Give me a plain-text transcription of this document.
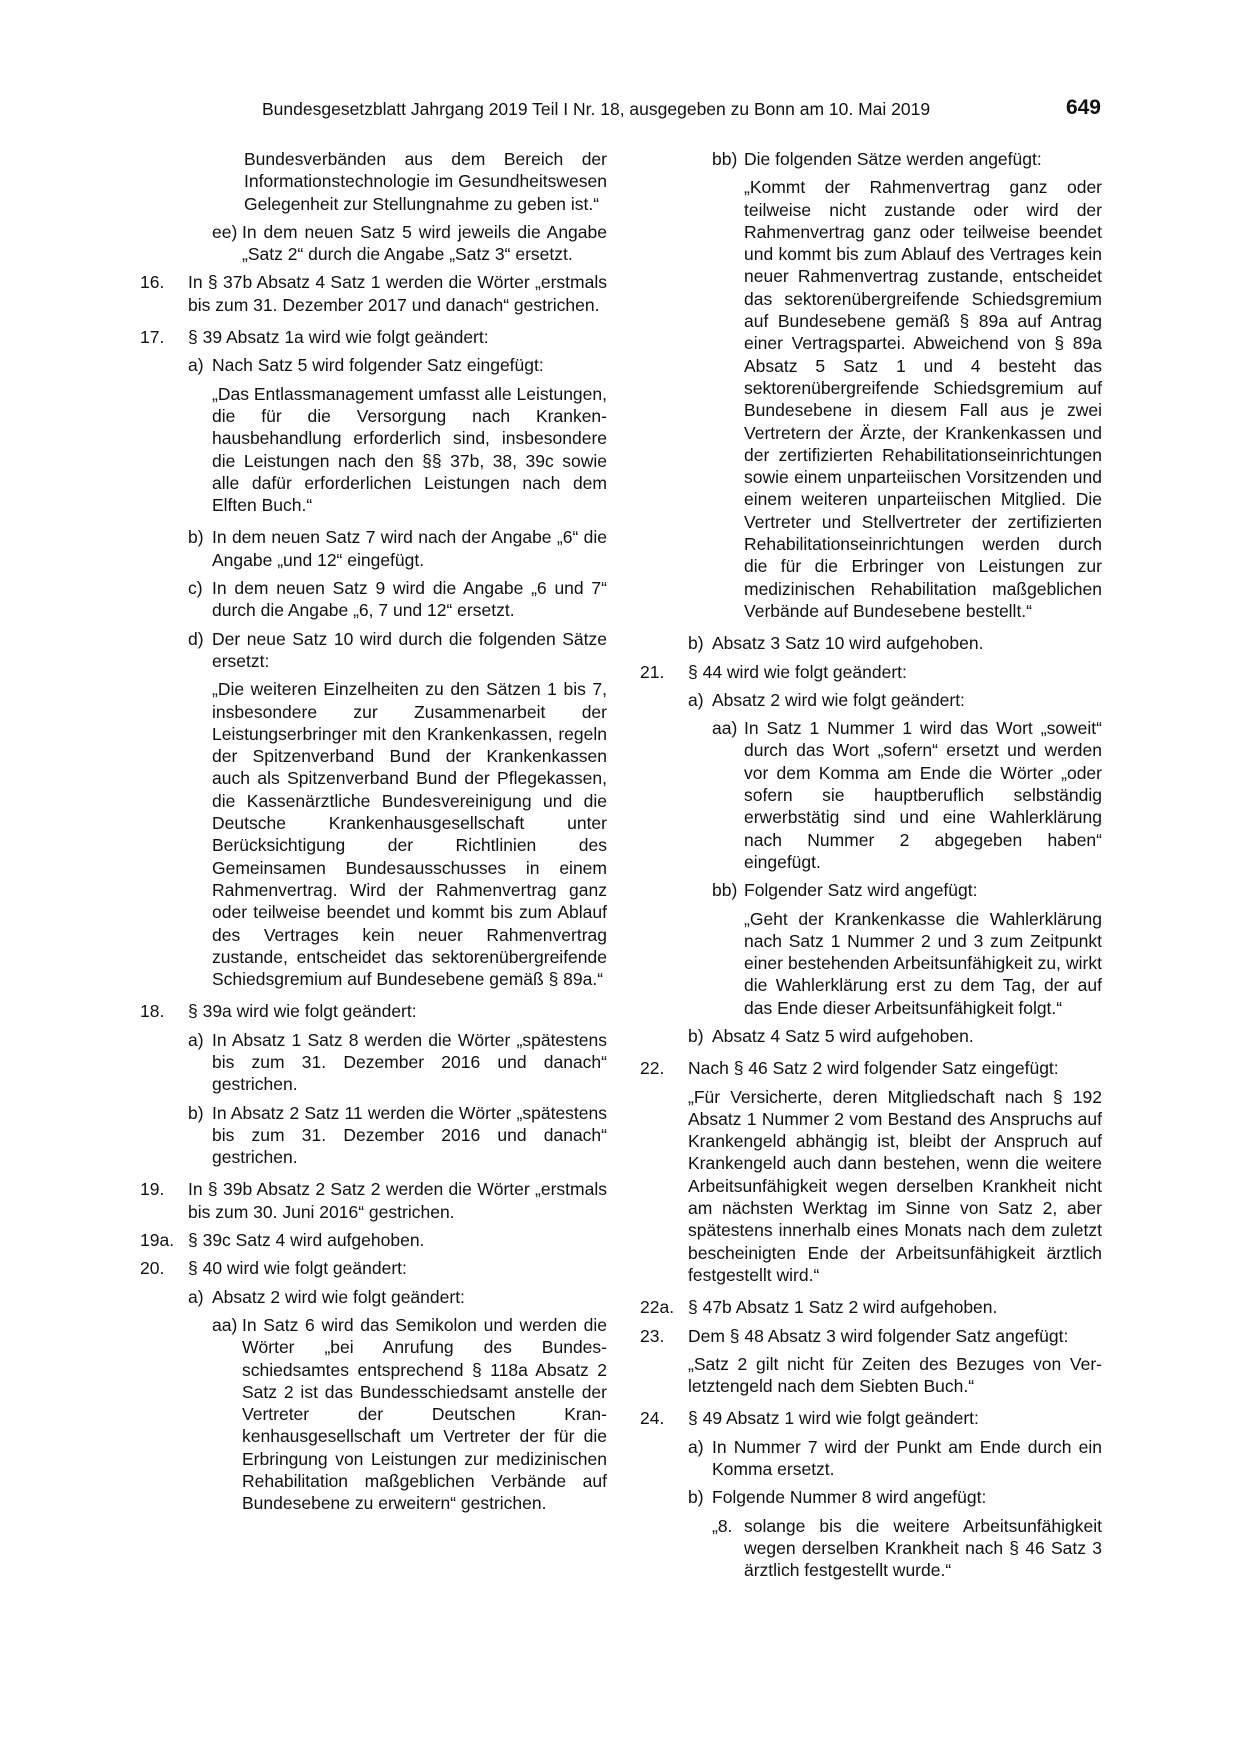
Bundesgesetzblatt Jahrgang 2019 Teil I Nr. 18, ausgegeben zu Bonn am 10. Mai 2019	649
Bundesverbänden aus dem Bereich der Informationstechnologie im Gesundheitswesen Gelegenheit zur Stellungnahme zu geben ist.“
ee) In dem neuen Satz 5 wird jeweils die Angabe „Satz 2“ durch die Angabe „Satz 3“ ersetzt.
16.	In § 37b Absatz 4 Satz 1 werden die Wörter „erstmals bis zum 31. Dezember 2017 und danach“ gestrichen.
17.	§ 39 Absatz 1a wird wie folgt geändert:
a) Nach Satz 5 wird folgender Satz eingefügt:
„Das Entlassmanagement umfasst alle Leistungen, die für die Versorgung nach Krankenhausbehandlung erforderlich sind, insbesondere die Leistungen nach den §§ 37b, 38, 39c sowie alle dafür erforderlichen Leistungen nach dem Elften Buch.“
b) In dem neuen Satz 7 wird nach der Angabe „6“ die Angabe „und 12“ eingefügt.
c) In dem neuen Satz 9 wird die Angabe „6 und 7“ durch die Angabe „6, 7 und 12“ ersetzt.
d) Der neue Satz 10 wird durch die folgenden Sätze ersetzt:
„Die weiteren Einzelheiten zu den Sätzen 1 bis 7, insbesondere zur Zusammenarbeit der Leistungserbringer mit den Krankenkassen, regeln der Spitzenverband Bund der Krankenkassen auch als Spitzenverband Bund der Pflegekassen, die Kassenärztliche Bundesvereinigung und die Deutsche Krankenhausgesellschaft unter Berücksichtigung der Richtlinien des Gemeinsamen Bundesausschusses in einem Rahmenvertrag. Wird der Rahmenvertrag ganz oder teilweise beendet und kommt bis zum Ablauf des Vertrages kein neuer Rahmenvertrag zustande, entscheidet das sektorenübergreifende Schiedsgremium auf Bundesebene gemäß § 89a.“
18.	§ 39a wird wie folgt geändert:
a) In Absatz 1 Satz 8 werden die Wörter „spätestens bis zum 31. Dezember 2016 und danach“ gestrichen.
b) In Absatz 2 Satz 11 werden die Wörter „spätestens bis zum 31. Dezember 2016 und danach“ gestrichen.
19.	In § 39b Absatz 2 Satz 2 werden die Wörter „erstmals bis zum 30. Juni 2016“ gestrichen.
19a. § 39c Satz 4 wird aufgehoben.
20.	§ 40 wird wie folgt geändert:
a) Absatz 2 wird wie folgt geändert:
aa) In Satz 6 wird das Semikolon und werden die Wörter „bei Anrufung des Bundesschiedsamtes entsprechend § 118a Absatz 2 Satz 2 ist das Bundesschiedsamt anstelle der Vertreter der Deutschen Krankenhausgesellschaft um Vertreter der für die Erbringung von Leistungen zur medizinischen Rehabilitation maßgeblichen Verbände auf Bundesebene zu erweitern“ gestrichen.
bb) Die folgenden Sätze werden angefügt:
„Kommt der Rahmenvertrag ganz oder teilweise nicht zustande oder wird der Rahmenvertrag ganz oder teilweise beendet und kommt bis zum Ablauf des Vertrages kein neuer Rahmenvertrag zustande, entscheidet das sektorenübergreifende Schiedsgremium auf Bundesebene gemäß § 89a auf Antrag einer Vertragspartei. Abweichend von § 89a Absatz 5 Satz 1 und 4 besteht das sektorenübergreifende Schiedsgremium auf Bundesebene in diesem Fall aus je zwei Vertretern der Ärzte, der Krankenkassen und der zertifizierten Rehabilitationseinrichtungen sowie einem unparteiischen Vorsitzenden und einem weiteren unparteiischen Mitglied. Die Vertreter und Stellvertreter der zertifizierten Rehabilitationseinrichtungen werden durch die für die Erbringer von Leistungen zur medizinischen Rehabilitation maßgeblichen Verbände auf Bundesebene bestellt.“
b) Absatz 3 Satz 10 wird aufgehoben.
21.	§ 44 wird wie folgt geändert:
a) Absatz 2 wird wie folgt geändert:
aa) In Satz 1 Nummer 1 wird das Wort „soweit“ durch das Wort „sofern“ ersetzt und werden vor dem Komma am Ende die Wörter „oder sofern sie hauptberuflich selbständig erwerbstätig sind und eine Wahlerklärung nach Nummer 2 abgegeben haben“ eingefügt.
bb) Folgender Satz wird angefügt:
„Geht der Krankenkasse die Wahlerklärung nach Satz 1 Nummer 2 und 3 zum Zeitpunkt einer bestehenden Arbeitsunfähigkeit zu, wirkt die Wahlerklärung erst zu dem Tag, der auf das Ende dieser Arbeitsunfähigkeit folgt.“
b) Absatz 4 Satz 5 wird aufgehoben.
22.	Nach § 46 Satz 2 wird folgender Satz eingefügt:
„Für Versicherte, deren Mitgliedschaft nach § 192 Absatz 1 Nummer 2 vom Bestand des Anspruchs auf Krankengeld abhängig ist, bleibt der Anspruch auf Krankengeld auch dann bestehen, wenn die weitere Arbeitsunfähigkeit wegen derselben Krankheit nicht am nächsten Werktag im Sinne von Satz 2, aber spätestens innerhalb eines Monats nach dem zuletzt bescheinigten Ende der Arbeitsunfähigkeit ärztlich festgestellt wird.“
22a. § 47b Absatz 1 Satz 2 wird aufgehoben.
23.	Dem § 48 Absatz 3 wird folgender Satz angefügt:
„Satz 2 gilt nicht für Zeiten des Bezuges von Verletztengeld nach dem Siebten Buch.“
24.	§ 49 Absatz 1 wird wie folgt geändert:
a) In Nummer 7 wird der Punkt am Ende durch ein Komma ersetzt.
b) Folgende Nummer 8 wird angefügt:
„8. solange bis die weitere Arbeitsunfähigkeit wegen derselben Krankheit nach § 46 Satz 3 ärztlich festgestellt wurde.“
